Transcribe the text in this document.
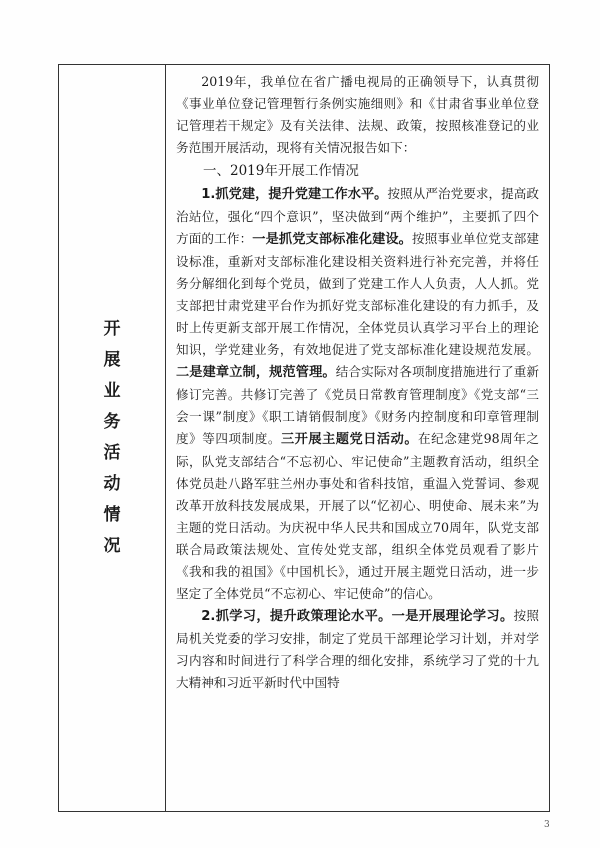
开展业务活动情况

2019年，我单位在省广播电视局的正确领导下，认真贯彻《事业单位登记管理暂行条例实施细则》和《甘肃省事业单位登记管理若干规定》及有关法律、法规、政策，按照核准登记的业务范围开展活动，现将有关情况报告如下：

一、2019年开展工作情况

1.抓党建，提升党建工作水平。按照从严治党要求，提高政治站位，强化“四个意识”，坚决做到“两个维护”，主要抓了四个方面的工作：一是抓党支部标准化建设。按照事业单位党支部建设标准，重新对支部标准化建设相关资料进行补充完善，并将任务分解细化到每个党员，做到了党建工作人人负责，人人抓。党支部把甘肃党建平台作为抓好党支部标准化建设的有力抓手，及时上传更新支部开展工作情况，全体党员认真学习平台上的理论知识，学党建业务，有效地促进了党支部标准化建设规范发展。二是建章立制，规范管理。结合实际对各项制度措施进行了重新修订完善。共修订完善了《党员日常教育管理制度》《党支部“三会一课”制度》《职工请销假制度》《财务内控制度和印章管理制度》等四项制度。三开展主题党日活动。在纪念建党98周年之际，队党支部结合“不忘初心、牢记使命”主题教育活动，组织全体党员赴八路军驻兰州办事处和省科技馆，重温入党誓词、参观改革开放科技发展成果，开展了以“忆初心、明使命、展未来”为主题的党日活动。为庆祝中华人民共和国成立70周年，队党支部联合局政策法规处、宣传处党支部，组织全体党员观看了影片《我和我的祖国》《中国机长》，通过开展主题党日活动，进一步坚定了全体党员“不忘初心、牢记使命”的信心。

2.抓学习，提升政策理论水平。一是开展理论学习。按照局机关党委的学习安排，制定了党员干部理论学习计划，并对学习内容和时间进行了科学合理的细化安排，系统学习了党的十九大精神和习近平新时代中国特

3
